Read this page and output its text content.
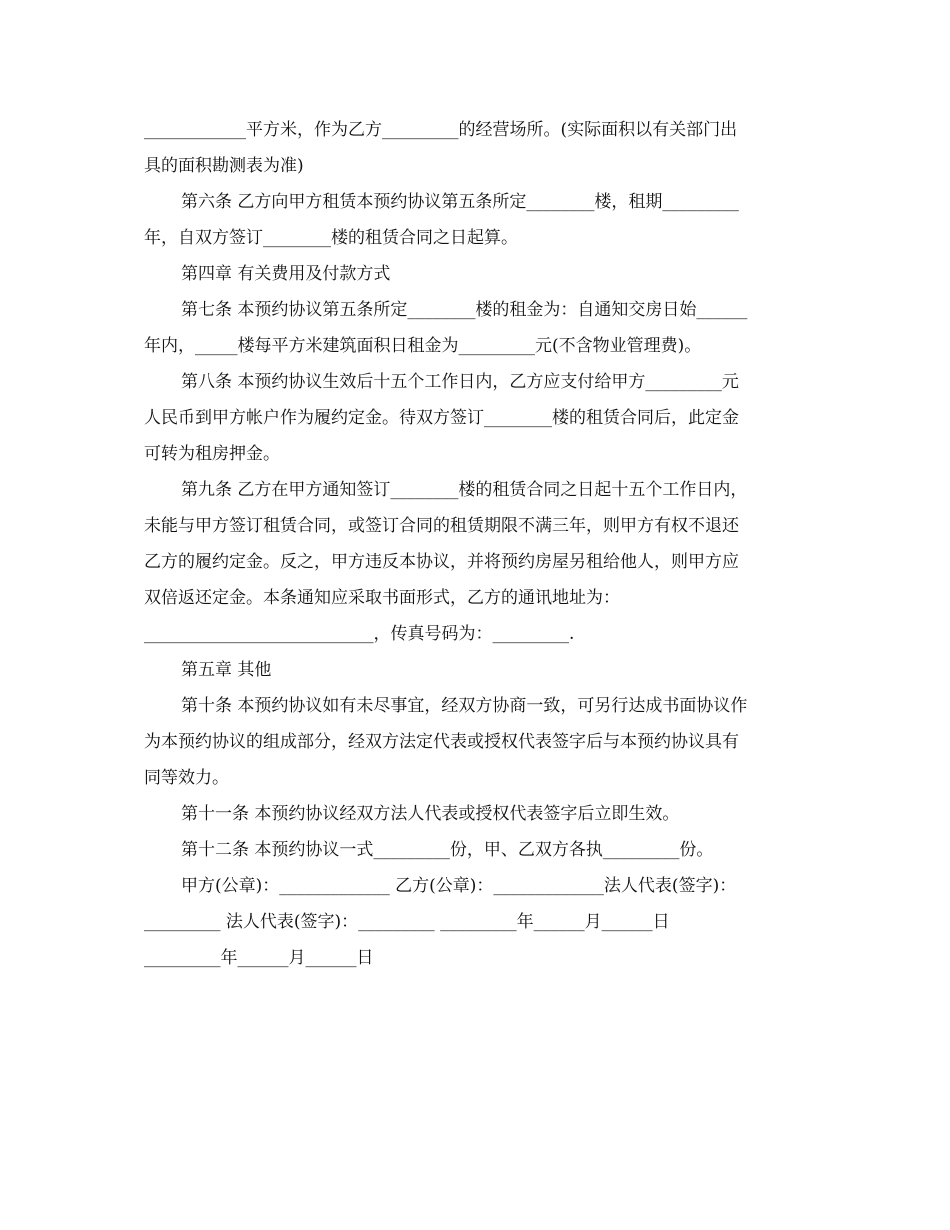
____________平方米，作为乙方_________的经营场所。(实际面积以有关部门出
具的面积勘测表为准)
第六条 乙方向甲方租赁本预约协议第五条所定________楼，租期_________
年，自双方签订________楼的租赁合同之日起算。
第四章 有关费用及付款方式
第七条 本预约协议第五条所定________楼的租金为：自通知交房日始______
年内，_____楼每平方米建筑面积日租金为_________元(不含物业管理费)。
第八条 本预约协议生效后十五个工作日内，乙方应支付给甲方_________元
人民币到甲方帐户作为履约定金。待双方签订________楼的租赁合同后，此定金
可转为租房押金。
第九条 乙方在甲方通知签订________楼的租赁合同之日起十五个工作日内，
未能与甲方签订租赁合同，或签订合同的租赁期限不满三年，则甲方有权不退还
乙方的履约定金。反之，甲方违反本协议，并将预约房屋另租给他人，则甲方应
双倍返还定金。本条通知应采取书面形式，乙方的通讯地址为：
___________________________，传真号码为：_________.
第五章 其他
第十条 本预约协议如有未尽事宜，经双方协商一致，可另行达成书面协议作
为本预约协议的组成部分，经双方法定代表或授权代表签字后与本预约协议具有
同等效力。
第十一条 本预约协议经双方法人代表或授权代表签字后立即生效。
第十二条 本预约协议一式_________份，甲、乙双方各执_________份。
甲方(公章)：_____________ 乙方(公章)：_____________法人代表(签字)：
_________ 法人代表(签字)：_________ _________年______月______日
_________年______月______日
